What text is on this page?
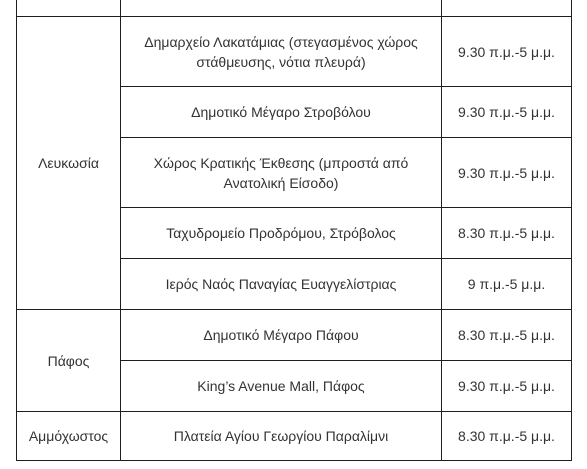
Λευκωσία	Δημαρχείο Λακατάμιας (στεγασμένος χώρος στάθμευσης, νότια πλευρά)	9.30 π.μ.-5 μ.μ.
	Δημοτικό Μέγαρο Στροβόλου	9.30 π.μ.-5 μ.μ.
	Χώρος Κρατικής Έκθεσης (μπροστά από Ανατολική Είσοδο)	9.30 π.μ.-5 μ.μ.
	Ταχυδρομείο Προδρόμου, Στρόβολος	8.30 π.μ.-5 μ.μ.
	Ιερός Ναός Παναγίας Ευαγγελίστριας	9 π.μ.-5 μ.μ.
Πάφος	Δημοτικό Μέγαρο Πάφου	8.30 π.μ.-5 μ.μ.
	King’s Avenue Mall, Πάφος	9.30 π.μ.-5 μ.μ.
Αμμόχωστος	Πλατεία Αγίου Γεωργίου Παραλίμνι	8.30 π.μ.-5 μ.μ.
